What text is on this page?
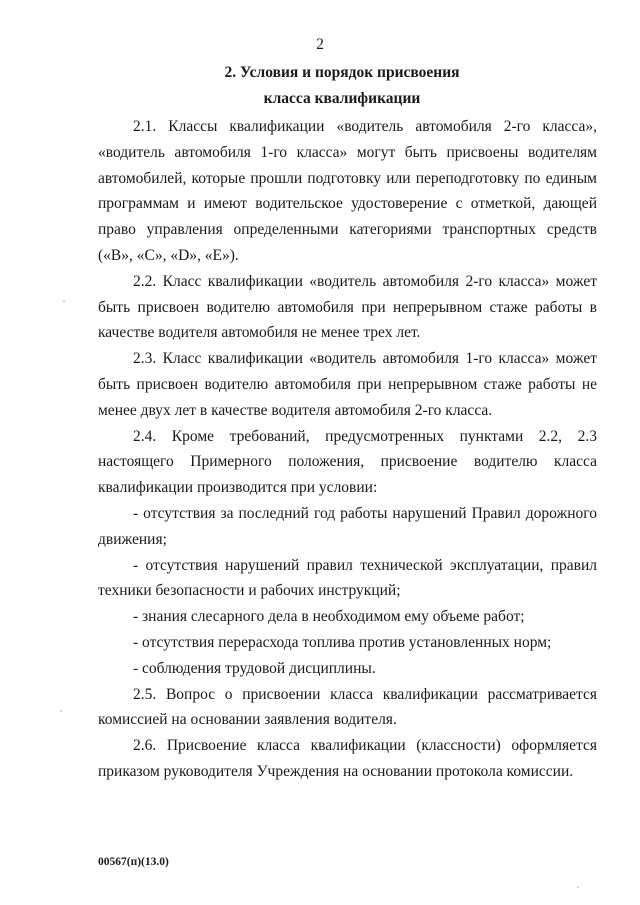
2
2. Условия и порядок присвоения
класса квалификации

2.1. Классы квалификации «водитель автомобиля 2-го класса», «водитель автомобиля 1-го класса» могут быть присвоены водителям автомобилей, которые прошли подготовку или переподготовку по единым программам и имеют водительское удостоверение с отметкой, дающей право управления определенными категориями транспортных средств («В», «С», «D», «Е»).

2.2. Класс квалификации «водитель автомобиля 2-го класса» может быть присвоен водителю автомобиля при непрерывном стаже работы в качестве водителя автомобиля не менее трех лет.

2.3. Класс квалификации «водитель автомобиля 1-го класса» может быть присвоен водителю автомобиля при непрерывном стаже работы не менее двух лет в качестве водителя автомобиля 2-го класса.

2.4. Кроме требований, предусмотренных пунктами 2.2, 2.3 настоящего Примерного положения, присвоение водителю класса квалификации производится при условии:

- отсутствия за последний год работы нарушений Правил дорожного движения;

- отсутствия нарушений правил технической эксплуатации, правил техники безопасности и рабочих инструкций;

- знания слесарного дела в необходимом ему объеме работ;

- отсутствия перерасхода топлива против установленных норм;

- соблюдения трудовой дисциплины.

2.5. Вопрос о присвоении класса квалификации рассматривается комиссией на основании заявления водителя.

2.6. Присвоение класса квалификации (классности) оформляется приказом руководителя Учреждения на основании протокола комиссии.

00567(п)(13.0)
